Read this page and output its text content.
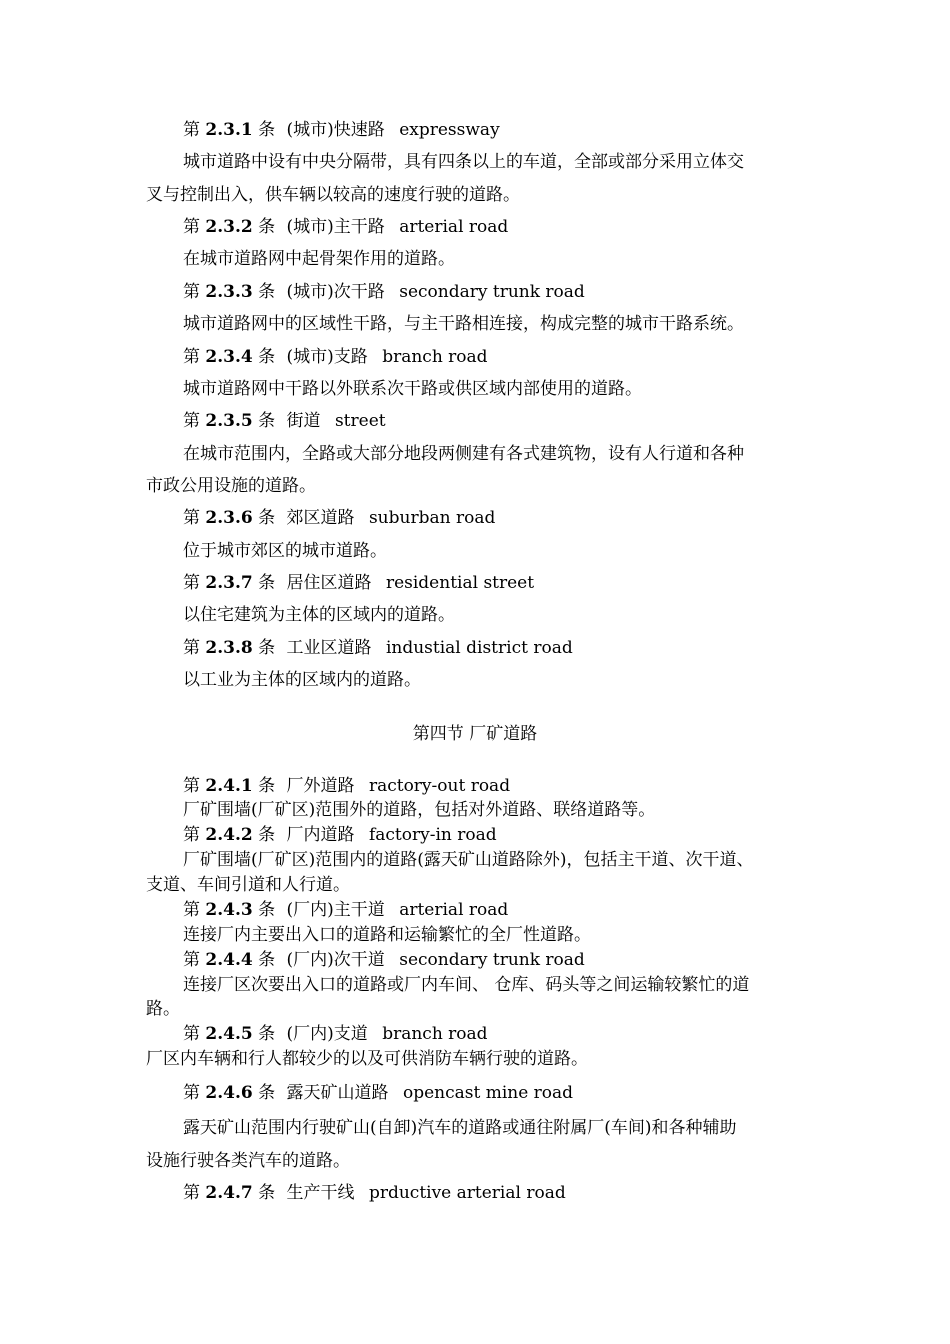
第 2.3.1 条 (城市)快速路 expressway
城市道路中设有中央分隔带，具有四条以上的车道，全部或部分采用立体交
叉与控制出入，供车辆以较高的速度行驶的道路。
第 2.3.2 条 (城市)主干路 arterial road
在城市道路网中起骨架作用的道路。
第 2.3.3 条 (城市)次干路 secondary trunk road
城市道路网中的区域性干路，与主干路相连接，构成完整的城市干路系统。
第 2.3.4 条 (城市)支路 branch road
城市道路网中干路以外联系次干路或供区域内部使用的道路。
第 2.3.5 条 街道 street
在城市范围内，全路或大部分地段两侧建有各式建筑物，设有人行道和各种
市政公用设施的道路。
第 2.3.6 条 郊区道路 suburban road
位于城市郊区的城市道路。
第 2.3.7 条 居住区道路 residential street
以住宅建筑为主体的区域内的道路。
第 2.3.8 条 工业区道路 industial district road
以工业为主体的区域内的道路。
第四节 厂矿道路
第 2.4.1 条 厂外道路 ractory-out road
厂矿围墙(厂矿区)范围外的道路，包括对外道路、联络道路等。
第 2.4.2 条 厂内道路 factory-in road
厂矿围墙(厂矿区)范围内的道路(露天矿山道路除外)，包括主干道、次干道、
支道、车间引道和人行道。
第 2.4.3 条 (厂内)主干道 arterial road
连接厂内主要出入口的道路和运输繁忙的全厂性道路。
第 2.4.4 条 (厂内)次干道 secondary trunk road
连接厂区次要出入口的道路或厂内车间、 仓库、码头等之间运输较繁忙的道
路。
第 2.4.5 条 (厂内)支道 branch road
厂区内车辆和行人都较少的以及可供消防车辆行驶的道路。
第 2.4.6 条 露天矿山道路 opencast mine road
露天矿山范围内行驶矿山(自卸)汽车的道路或通往附属厂(车间)和各种辅助
设施行驶各类汽车的道路。
第 2.4.7 条 生产干线 prductive arterial road
